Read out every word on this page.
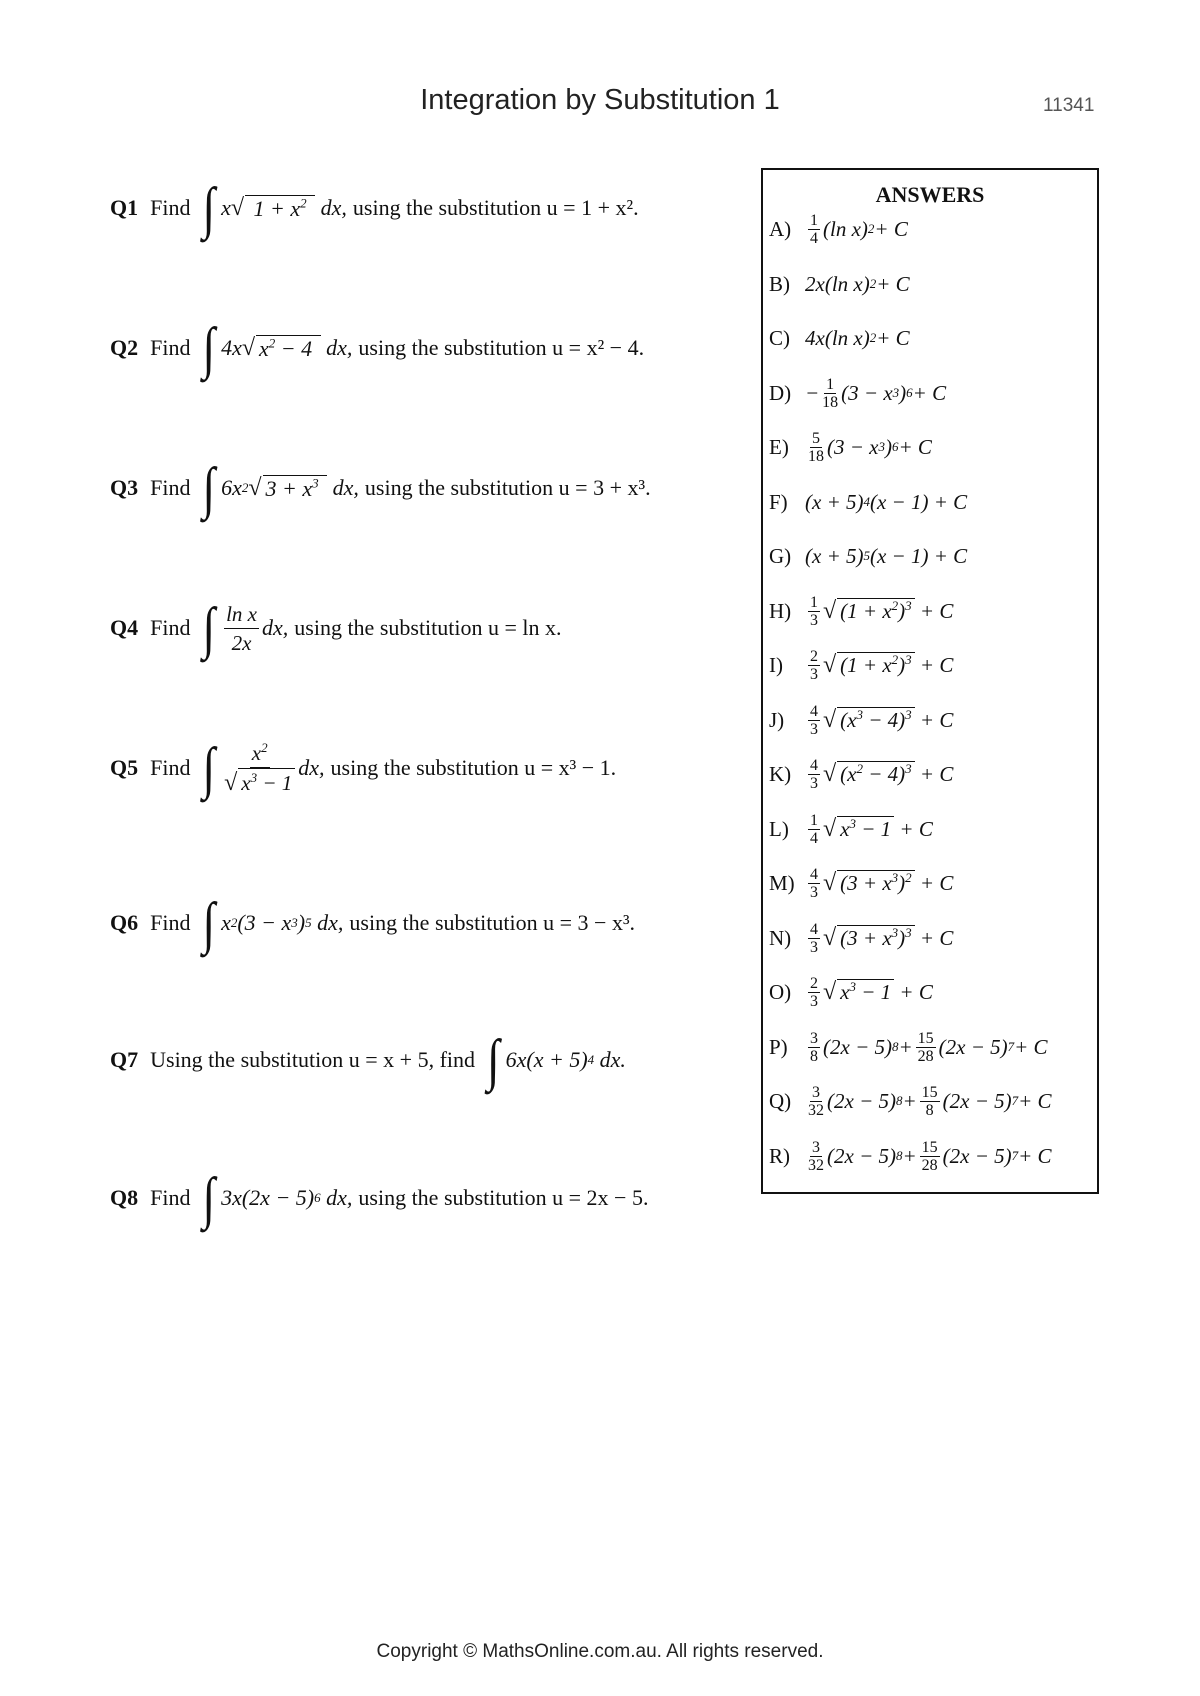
Integration by Substitution 1	11341
Q1 Find ∫ x √ $1 + x^2$ dx, using the substitution u = 1 + x².
Q2 Find ∫ 4x √ $x^2 - 4$ dx, using the substitution u = x² − 4.
Q3 Find ∫ 6x 2 √ $3 + x^3$ dx, using the substitution u = 3 + x³.
Q4 Find ∫ $\frac{\text{ln x}}{2x}$ dx, using the substitution u = ln x.
Q5 Find ∫ $\frac{x^2}{√ x^3 - 1}$ dx, using the substitution u = x³ − 1.
Q6 Find ∫ x 2 (3 − x 3 ) 5 dx, using the substitution u = 3 − x³.
Q7 Using the substitution u = x + 5, find ∫ 6x(x + 5) 4 dx.
Q8 Find ∫ 3x(2x − 5) 6 dx, using the substitution u = 2x − 5.
ANSWERS
A)	$\frac{1}{4} (\ln$ x) 2 + C
B) 2x(ln x) 2 + C
C) 4x(ln x) 2 + C
$D) - \frac{1}{18} (3 - x$ 3 ) 6 + C
E)	$\frac{5}{18} (3 - x$ 3 ) 6 + C
F) (x + 5) 4 (x − 1) + C
G) (x + 5) 5 (x − 1) + C
H)	$\frac{1}{3}$ √ $(1 + x^2)^3 + C$
I)	$\frac{2}{3}$ √ $(1 + x^2)^3 + C$
J)	$\frac{4}{3}$ √ $(x^3 - 4)^3 + C$
K)	$\frac{4}{3}$ √ $(x^2 - 4)^3 + C$
L)	$\frac{1}{4}$ √ $x^3 - 1 + C$
$M) \frac{4}{3}$ √ $(3 + x^3)^2 + C$
N)	$\frac{4}{3}$ √ $(3 + x^3)^3 + C$
O)	$\frac{2}{3}$ √ $x^3 - 1 + C$
P)	$\frac{3}{8} (2x - 5) 8 + \frac{15}{28} (2x - 5) 7 + C$
Q)	$\frac{3}{32} (2x - 5) 8 + \frac{15}{8} (2x - 5) 7 + C$
R)	$\frac{3}{32} (2x - 5) 8 + \frac{15}{28} (2x - 5) 7 + C$
Copyright © MathsOnline.com.au. All rights reserved.
